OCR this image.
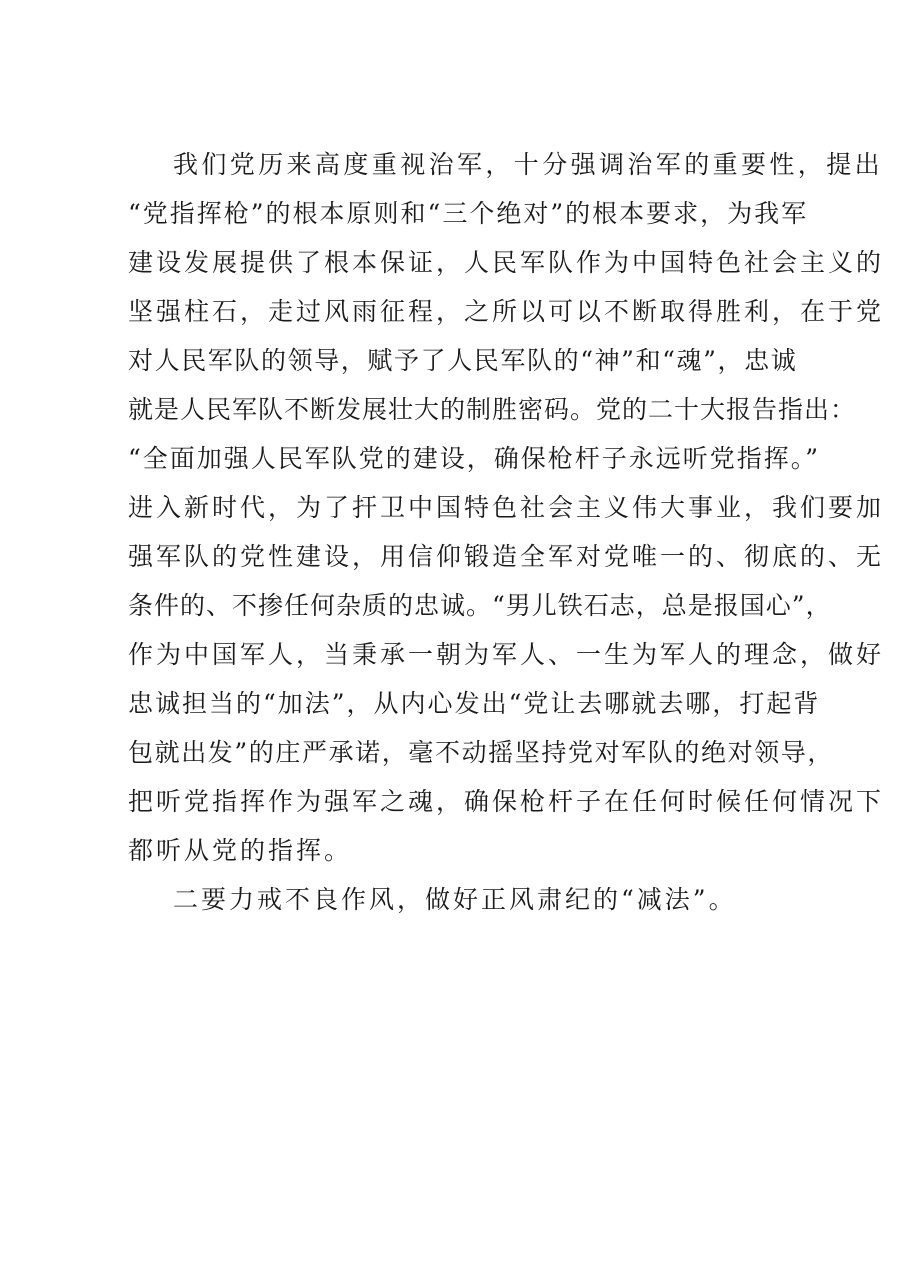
我们党历来高度重视治军，十分强调治军的重要性，提出
“党指挥枪”的根本原则和“三个绝对”的根本要求，为我军
建设发展提供了根本保证，人民军队作为中国特色社会主义的
坚强柱石，走过风雨征程，之所以可以不断取得胜利，在于党
对人民军队的领导，赋予了人民军队的“神”和“魂”，忠诚
就是人民军队不断发展壮大的制胜密码。党的二十大报告指出：
“全面加强人民军队党的建设，确保枪杆子永远听党指挥。”
进入新时代，为了扞卫中国特色社会主义伟大事业，我们要加
强军队的党性建设，用信仰锻造全军对党唯一的、彻底的、无
条件的、不掺任何杂质的忠诚。“男儿铁石志，总是报国心”，
作为中国军人，当秉承一朝为军人、一生为军人的理念，做好
忠诚担当的“加法”，从内心发出“党让去哪就去哪，打起背
包就出发”的庄严承诺，毫不动摇坚持党对军队的绝对领导，
把听党指挥作为强军之魂，确保枪杆子在任何时候任何情况下
都听从党的指挥。
二要力戒不良作风，做好正风肃纪的“减法”。
